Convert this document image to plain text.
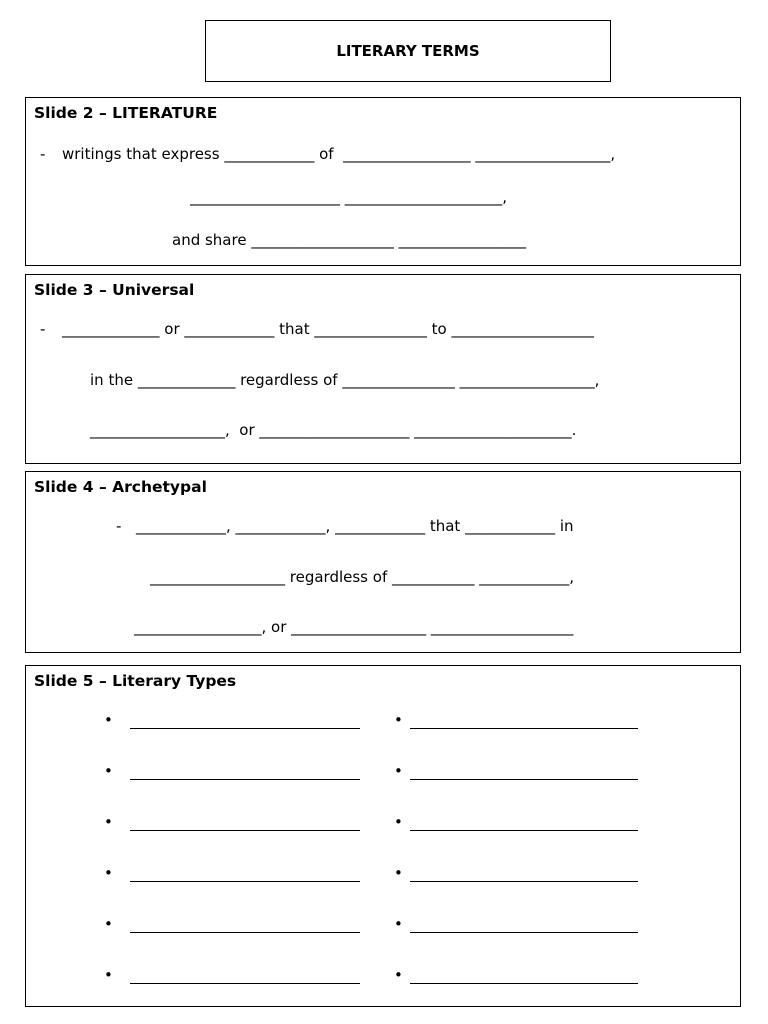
LITERARY TERMS
Slide 2 – LITERATURE
- writings that express ____________ of  _________________ __________________,
____________________ _____________________,
and share ___________________ _________________
Slide 3 – Universal
- _____________ or ____________ that _______________ to ___________________
in the _____________ regardless of _______________ __________________,
__________________,  or ____________________ _____________________.
Slide 4 – Archetypal
- ____________, ____________, ____________ that ____________ in
__________________ regardless of ___________ ____________,
_________________, or __________________ ___________________
Slide 5 – Literary Types
•	•
•	•
•	•
•	•
•	•
•	•
